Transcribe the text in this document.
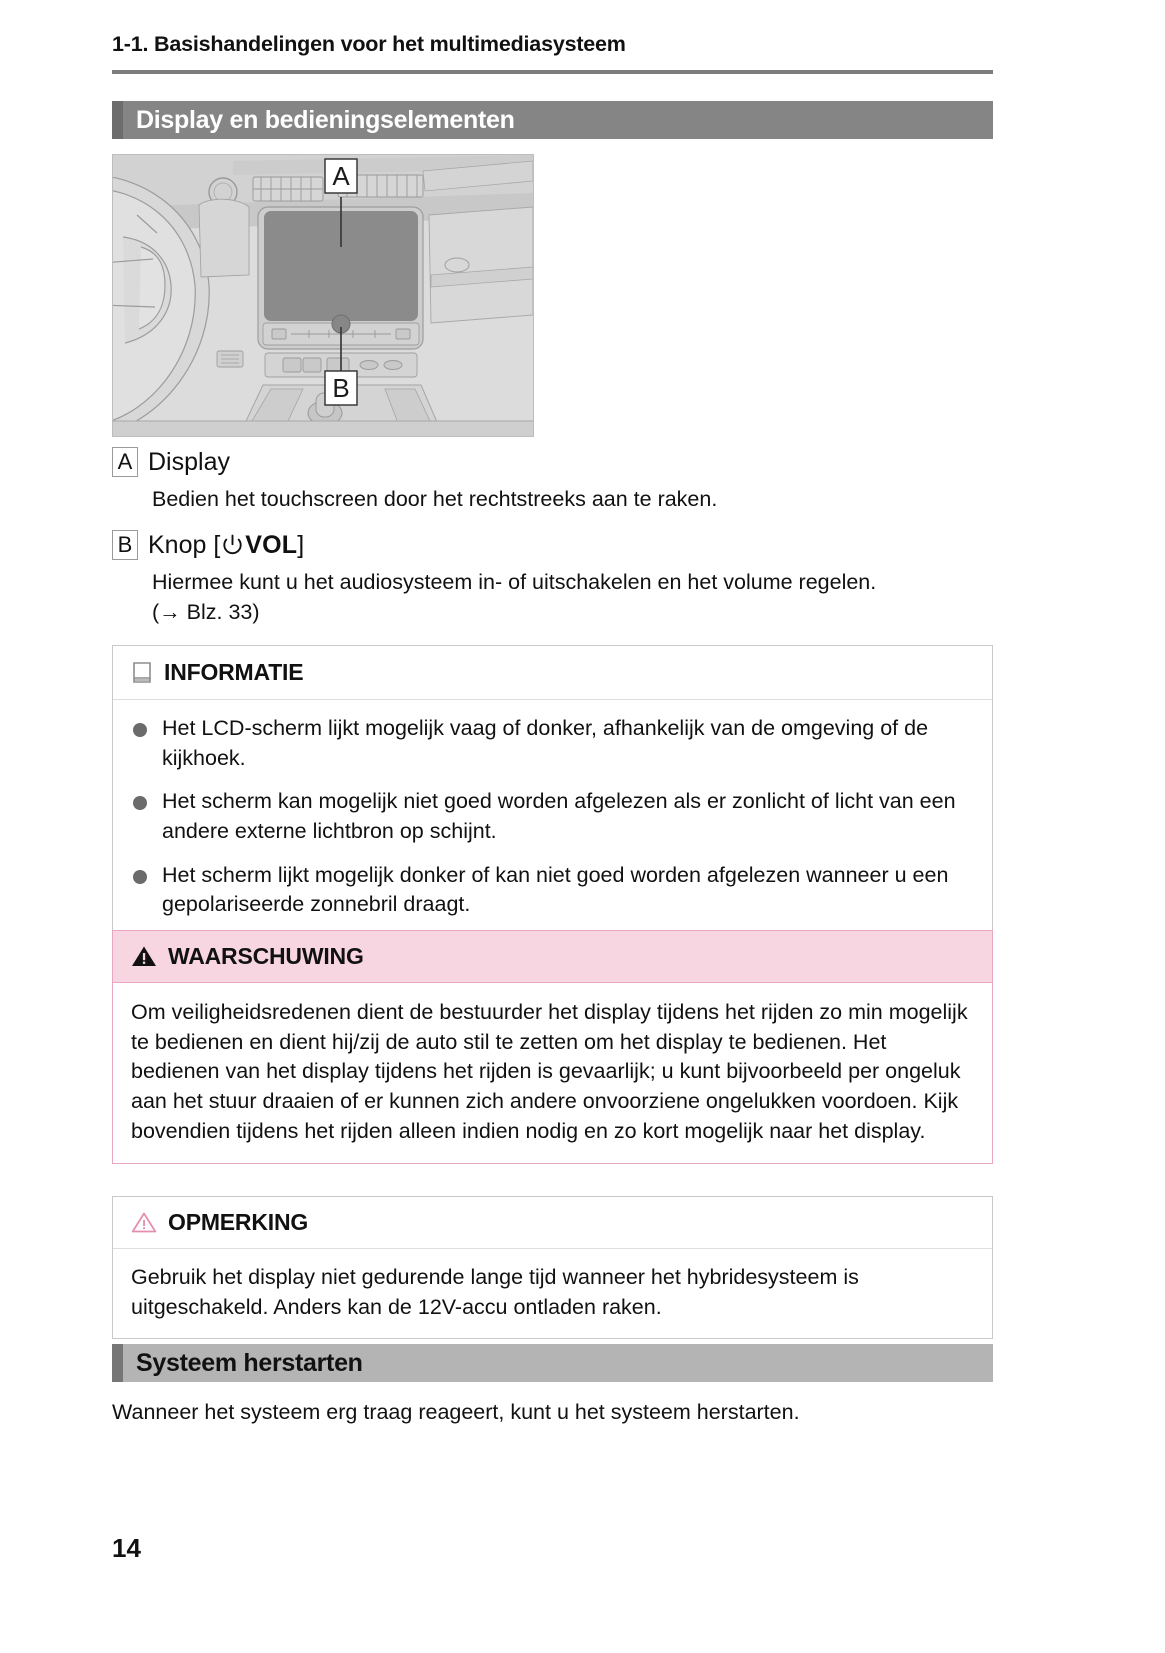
1-1. Basishandelingen voor het multimediasysteem
Display en bedieningselementen
A
B
A Display
Bedien het touchscreen door het rechtstreeks aan te raken.
B Knop [ VOL ]
Hiermee kunt u het audiosysteem in- of uitschakelen en het volume regelen.
(→ Blz. 33)
INFORMATIE
Het LCD-scherm lijkt mogelijk vaag of donker, afhankelijk van de omgeving of de kijkhoek.
Het scherm kan mogelijk niet goed worden afgelezen als er zonlicht of licht van een andere externe lichtbron op schijnt.
Het scherm lijkt mogelijk donker of kan niet goed worden afgelezen wanneer u een gepolariseerde zonnebril draagt.
WAARSCHUWING
Om veiligheidsredenen dient de bestuurder het display tijdens het rijden zo min mogelijk te bedienen en dient hij/zij de auto stil te zetten om het display te bedienen. Het bedienen van het display tijdens het rijden is gevaarlijk; u kunt bijvoorbeeld per ongeluk aan het stuur draaien of er kunnen zich andere onvoorziene ongelukken voordoen. Kijk bovendien tijdens het rijden alleen indien nodig en zo kort mogelijk naar het display.
OPMERKING
Gebruik het display niet gedurende lange tijd wanneer het hybridesysteem is uitgeschakeld. Anders kan de 12V-accu ontladen raken.
Systeem herstarten
Wanneer het systeem erg traag reageert, kunt u het systeem herstarten.
14
